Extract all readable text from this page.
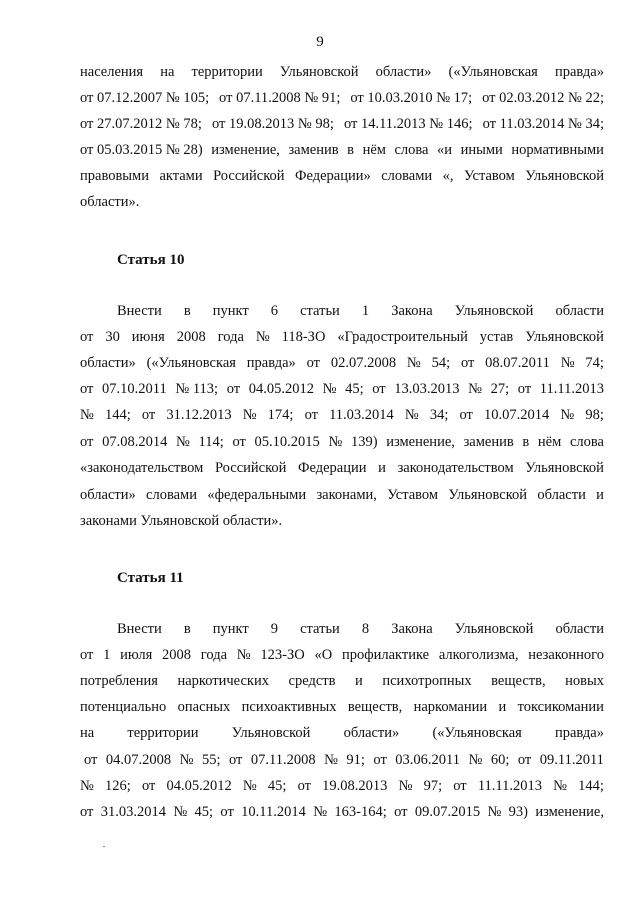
9
населения на территории Ульяновской области» («Ульяновская правда»
от 07.12.2007 № 105; от 07.11.2008 № 91; от 10.03.2010 № 17; от 02.03.2012 № 22;
от 27.07.2012 № 78; от 19.08.2013 № 98; от 14.11.2013 № 146; от 11.03.2014 № 34;
от 05.03.2015 № 28) изменение, заменив в нём слова «и иными нормативными
правовыми актами Российской Федерации» словами «, Уставом Ульяновской
области».
Статья 10
Внести в пункт 6 статьи 1 Закона Ульяновской области
от 30 июня 2008 года № 118-ЗО «Градостроительный устав Ульяновской
области» («Ульяновская правда» от 02.07.2008 № 54; от 08.07.2011 № 74;
от 07.10.2011 № 113; от 04.05.2012 № 45; от 13.03.2013 № 27; от 11.11.2013
№ 144; от 31.12.2013 № 174; от 11.03.2014 № 34; от 10.07.2014 № 98;
от 07.08.2014 № 114; от 05.10.2015 № 139) изменение, заменив в нём слова
«законодательством Российской Федерации и законодательством Ульяновской
области» словами «федеральными законами, Уставом Ульяновской области и
законами Ульяновской области».
Статья 11
Внести в пункт 9 статьи 8 Закона Ульяновской области
от 1 июля 2008 года № 123-ЗО «О профилактике алкоголизма, незаконного
потребления наркотических средств и психотропных веществ, новых
потенциально опасных психоактивных веществ, наркомании и токсикомании
на территории Ульяновской области» («Ульяновская правда»
от 04.07.2008 № 55; от 07.11.2008 № 91; от 03.06.2011 № 60; от 09.11.2011
№ 126; от 04.05.2012 № 45; от 19.08.2013 № 97; от 11.11.2013 № 144;
от 31.03.2014 № 45; от 10.11.2014 № 163-164; от 09.07.2015 № 93) изменение,
